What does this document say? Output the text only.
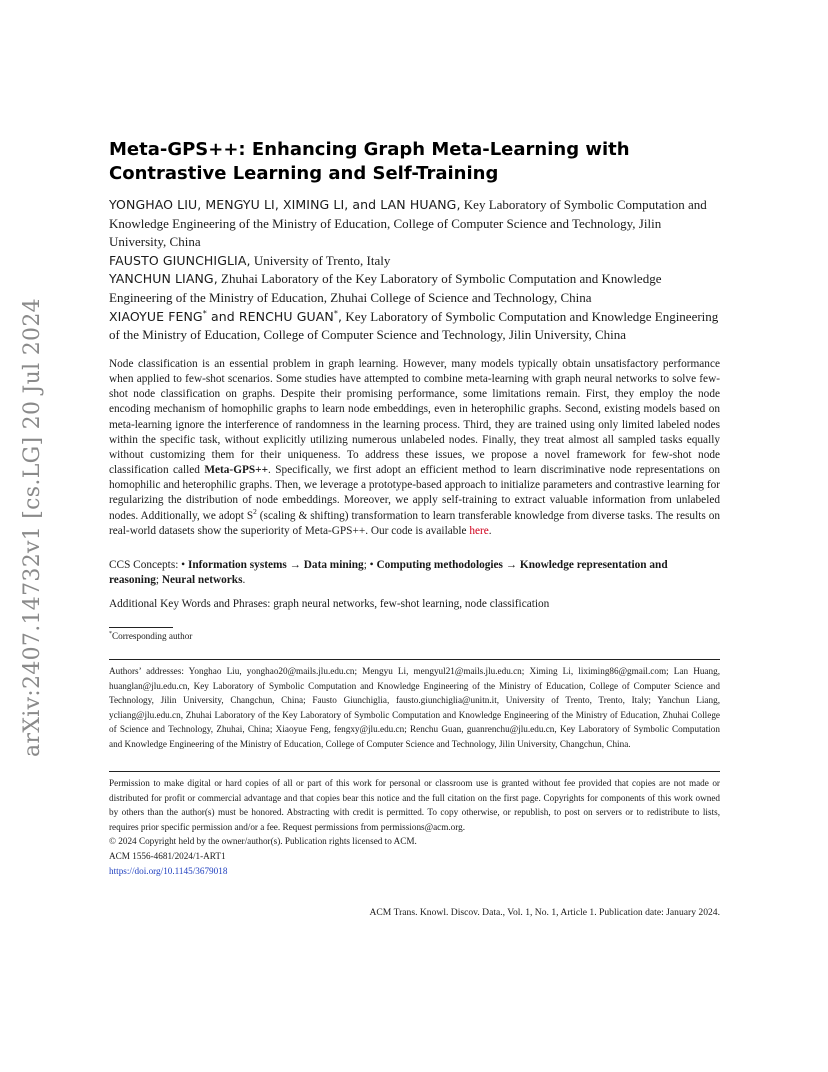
arXiv:2407.14732v1 [cs.LG] 20 Jul 2024
Meta-GPS++: Enhancing Graph Meta-Learning with Contrastive Learning and Self-Training

YONGHAO LIU, MENGYU LI, XIMING LI, and LAN HUANG, Key Laboratory of Symbolic Computation and Knowledge Engineering of the Ministry of Education, College of Computer Science and Technology, Jilin University, China

FAUSTO GIUNCHIGLIA, University of Trento, Italy

YANCHUN LIANG, Zhuhai Laboratory of the Key Laboratory of Symbolic Computation and Knowledge Engineering of the Ministry of Education, Zhuhai College of Science and Technology, China

XIAOYUE FENG* and RENCHU GUAN*, Key Laboratory of Symbolic Computation and Knowledge Engineering of the Ministry of Education, College of Computer Science and Technology, Jilin University, China

Node classification is an essential problem in graph learning. However, many models typically obtain unsatisfactory performance when applied to few-shot scenarios. Some studies have attempted to combine meta-learning with graph neural networks to solve few-shot node classification on graphs. Despite their promising performance, some limitations remain. First, they employ the node encoding mechanism of homophilic graphs to learn node embeddings, even in heterophilic graphs. Second, existing models based on meta-learning ignore the interference of randomness in the learning process. Third, they are trained using only limited labeled nodes within the specific task, without explicitly utilizing numerous unlabeled nodes. Finally, they treat almost all sampled tasks equally without customizing them for their uniqueness. To address these issues, we propose a novel framework for few-shot node classification called Meta-GPS++. Specifically, we first adopt an efficient method to learn discriminative node representations on homophilic and heterophilic graphs. Then, we leverage a prototype-based approach to initialize parameters and contrastive learning for regularizing the distribution of node embeddings. Moreover, we apply self-training to extract valuable information from unlabeled nodes. Additionally, we adopt $S^2$ (scaling & shifting) transformation to learn transferable knowledge from diverse tasks. The results on real-world datasets show the superiority of Meta-GPS++. Our code is available here.
CCS Concepts: • Information systems → Data mining; • Computing methodologies → Knowledge representation and reasoning; Neural networks.
Additional Key Words and Phrases: graph neural networks, few-shot learning, node classification
*Corresponding author
Authors’ addresses: Yonghao Liu, yonghao20@mails.jlu.edu.cn; Mengyu Li, mengyul21@mails.jlu.edu.cn; Ximing Li, liximing86@gmail.com; Lan Huang, huanglan@jlu.edu.cn, Key Laboratory of Symbolic Computation and Knowledge Engineering of the Ministry of Education, College of Computer Science and Technology, Jilin University, Changchun, China; Fausto Giunchiglia, fausto.giunchiglia@unitn.it, University of Trento, Trento, Italy; Yanchun Liang, ycliang@jlu.edu.cn, Zhuhai Laboratory of the Key Laboratory of Symbolic Computation and Knowledge Engineering of the Ministry of Education, Zhuhai College of Science and Technology, Zhuhai, China; Xiaoyue Feng, fengxy@jlu.edu.cn; Renchu Guan, guanrenchu@jlu.edu.cn, Key Laboratory of Symbolic Computation and Knowledge Engineering of the Ministry of Education, College of Computer Science and Technology, Jilin University, Changchun, China.

Permission to make digital or hard copies of all or part of this work for personal or classroom use is granted without fee provided that copies are not made or distributed for profit or commercial advantage and that copies bear this notice and the full citation on the first page. Copyrights for components of this work owned by others than the author(s) must be honored. Abstracting with credit is permitted. To copy otherwise, or republish, to post on servers or to redistribute to lists, requires prior specific permission and/or a fee. Request permissions from permissions@acm.org.

© 2024 Copyright held by the owner/author(s). Publication rights licensed to ACM.

ACM 1556-4681/2024/1-ART1

https://doi.org/10.1145/3679018

ACM Trans. Knowl. Discov. Data., Vol. 1, No. 1, Article 1. Publication date: January 2024.
